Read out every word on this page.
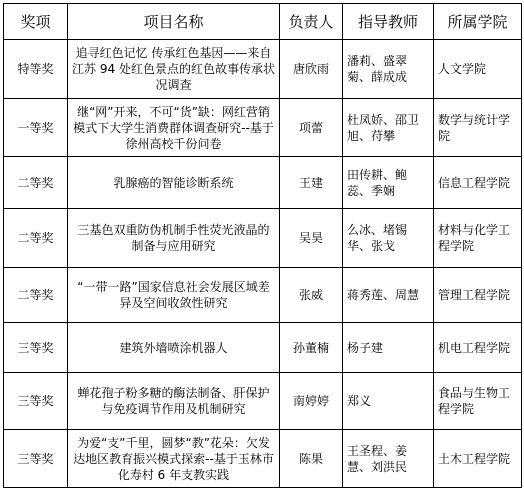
奖项	项目名称	负责人	指导教师	所属学院
特等奖	追寻红色记忆 传承红色基因——来自江苏 94 处红色景点的红色故事传承状况调查	唐欣雨	潘莉、盛翠菊、薛成成	人文学院
一等奖	继“网”开来，不可“货”缺：网红营销模式下大学生消费群体调查研究--基于徐州高校千份问卷	项蕾	杜凤娇、邵卫旭、苻攀	数学与统计学院
二等奖	乳腺癌的智能诊断系统	王建	田传耕、鲍蕊、季娴	信息工程学院
二等奖	三基色双重防伪机制手性荧光液晶的制备与应用研究	吴昊	么冰、堵锡华、张戈	材料与化学工程学院
二等奖	“一带一路”国家信息社会发展区域差异及空间收敛性研究	张威	蒋秀莲、周慧	管理工程学院
三等奖	建筑外墙喷涂机器人	孙董楠	杨子建	机电工程学院
三等奖	蝉花孢子粉多糖的酶法制备、肝保护与免疫调节作用及机制研究	南婷婷	郑义	食品与生物工程学院
三等奖	为爱“支”千里，圆梦“教”花朵：欠发达地区教育振兴模式探索--基于玉林市化寿村 6 年支教实践	陈果	王圣程、姜慧、刘洪民	土木工程学院
